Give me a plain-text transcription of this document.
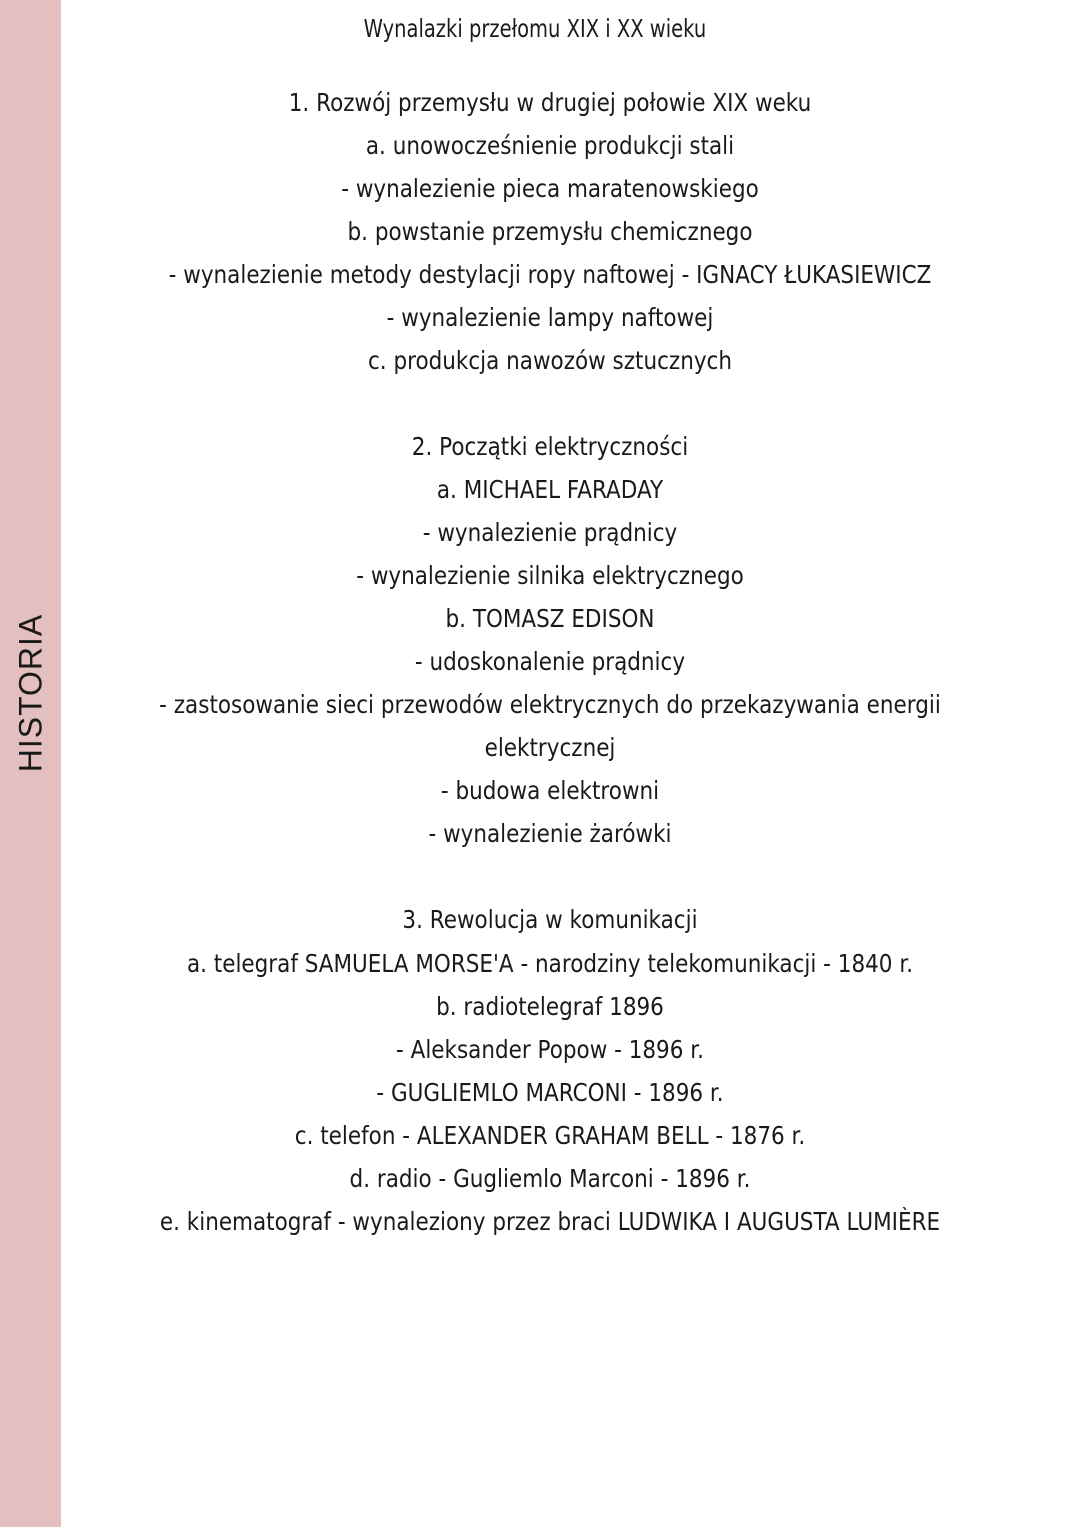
HISTORIA
Wynalazki przełomu XIX i XX wieku
1. Rozwój przemysłu w drugiej połowie XIX weku
a. unowocześnienie produkcji stali
- wynalezienie pieca maratenowskiego
b. powstanie przemysłu chemicznego
- wynalezienie metody destylacji ropy naftowej - IGNACY ŁUKASIEWICZ
- wynalezienie lampy naftowej
c. produkcja nawozów sztucznych
2. Początki elektryczności
a. MICHAEL FARADAY
- wynalezienie prądnicy
- wynalezienie silnika elektrycznego
b. TOMASZ EDISON
- udoskonalenie prądnicy
- zastosowanie sieci przewodów elektrycznych do przekazywania energii
elektrycznej
- budowa elektrowni
- wynalezienie żarówki
3. Rewolucja w komunikacji
a. telegraf SAMUELA MORSE'A - narodziny telekomunikacji - 1840 r.
b. radiotelegraf 1896
- Aleksander Popow - 1896 r.
- GUGLIEMLO MARCONI - 1896 r.
c. telefon - ALEXANDER GRAHAM BELL - 1876 r.
d. radio - Gugliemlo Marconi - 1896 r.
e. kinematograf - wynaleziony przez braci LUDWIKA I AUGUSTA LUMIÈRE
